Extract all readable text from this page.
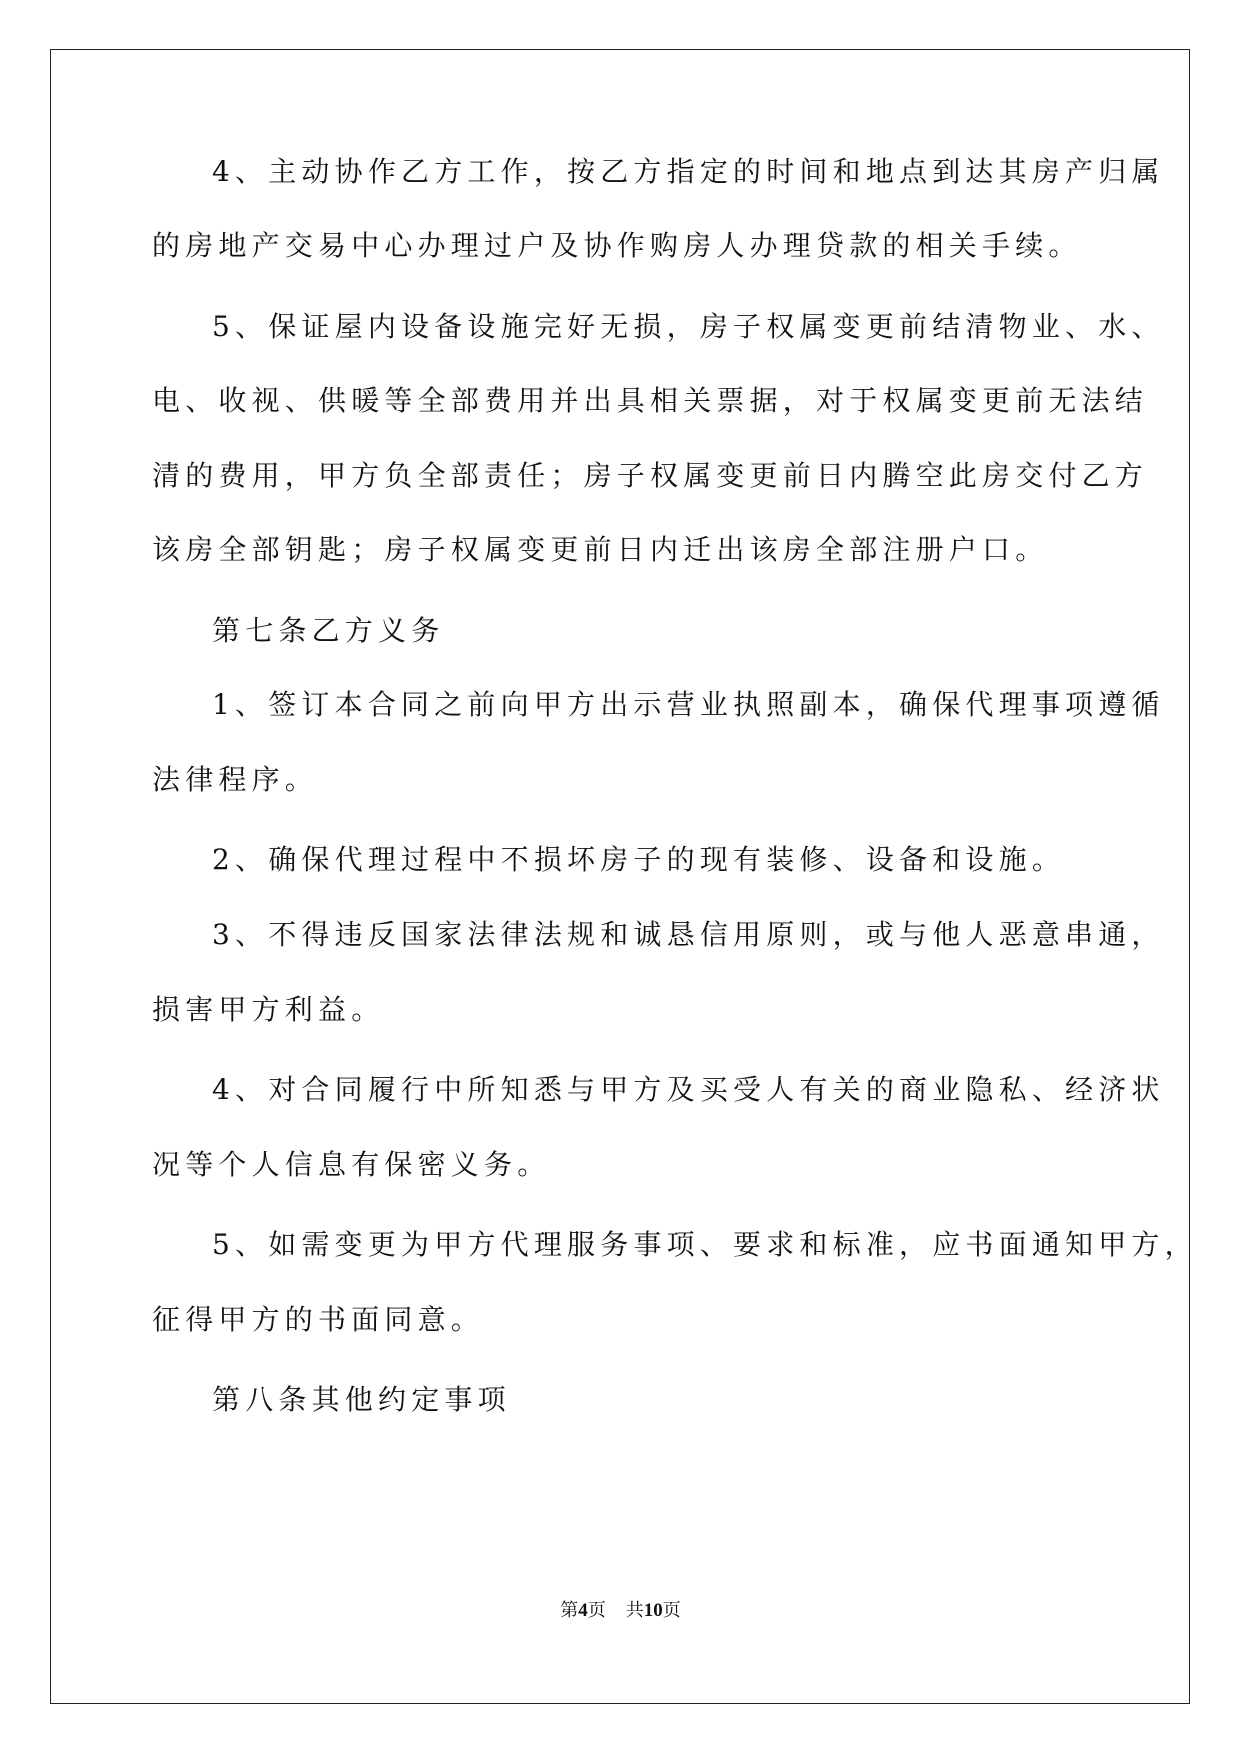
4、主动协作乙方工作，按乙方指定的时间和地点到达其房产归属

的房地产交易中心办理过户及协作购房人办理贷款的相关手续。

5、保证屋内设备设施完好无损，房子权属变更前结清物业、水、

电、收视、供暖等全部费用并出具相关票据，对于权属变更前无法结

清的费用，甲方负全部责任；房子权属变更前日内腾空此房交付乙方

该房全部钥匙；房子权属变更前日内迁出该房全部注册户口。

第七条乙方义务

1、签订本合同之前向甲方出示营业执照副本，确保代理事项遵循

法律程序。

2、确保代理过程中不损坏房子的现有装修、设备和设施。

3、不得违反国家法律法规和诚恳信用原则，或与他人恶意串通，

损害甲方利益。

4、对合同履行中所知悉与甲方及买受人有关的商业隐私、经济状

况等个人信息有保密义务。

5、如需变更为甲方代理服务事项、要求和标准，应书面通知甲方，

征得甲方的书面同意。

第八条其他约定事项

第4页 共10页
